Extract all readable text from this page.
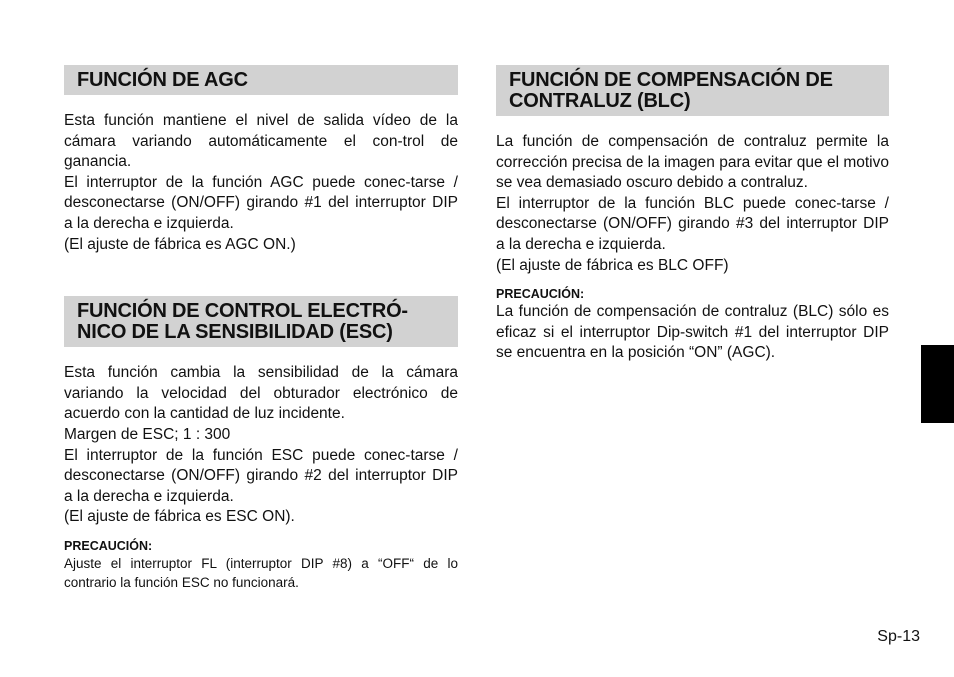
FUNCIÓN DE AGC

Esta función mantiene el nivel de salida vídeo de la cámara variando automáticamente el con-trol de ganancia.

El interruptor de la función AGC puede conec-tarse / desconectarse (ON/OFF) girando #1 del interruptor DIP a la derecha e izquierda.

(El ajuste de fábrica es AGC ON.)

FUNCIÓN DE CONTROL ELECTRÓ-
NICO DE LA SENSIBILIDAD (ESC)

Esta función cambia la sensibilidad de la cámara variando la velocidad del obturador electrónico de acuerdo con la cantidad de luz incidente.

Margen de ESC; 1 : 300

El interruptor de la función ESC puede conec-tarse / desconectarse (ON/OFF) girando #2 del interruptor DIP a la derecha e izquierda.

(El ajuste de fábrica es ESC ON).

PRECAUCIÓN:

Ajuste el interruptor FL (interruptor DIP #8) a “OFF“ de lo contrario la función ESC no funcionará.

FUNCIÓN DE COMPENSACIÓN DE
CONTRALUZ (BLC)

La función de compensación de contraluz permite la corrección precisa de la imagen para evitar que el motivo se vea demasiado oscuro debido a contraluz.

El interruptor de la función BLC puede conec-tarse / desconectarse (ON/OFF) girando #3 del interruptor DIP a la derecha e izquierda.

(El ajuste de fábrica es BLC OFF)

PRECAUCIÓN:

La función de compensación de contraluz (BLC) sólo es eficaz si el interruptor Dip-switch #1 del interruptor DIP se encuentra en la posición “ON” (AGC).

Sp-13
